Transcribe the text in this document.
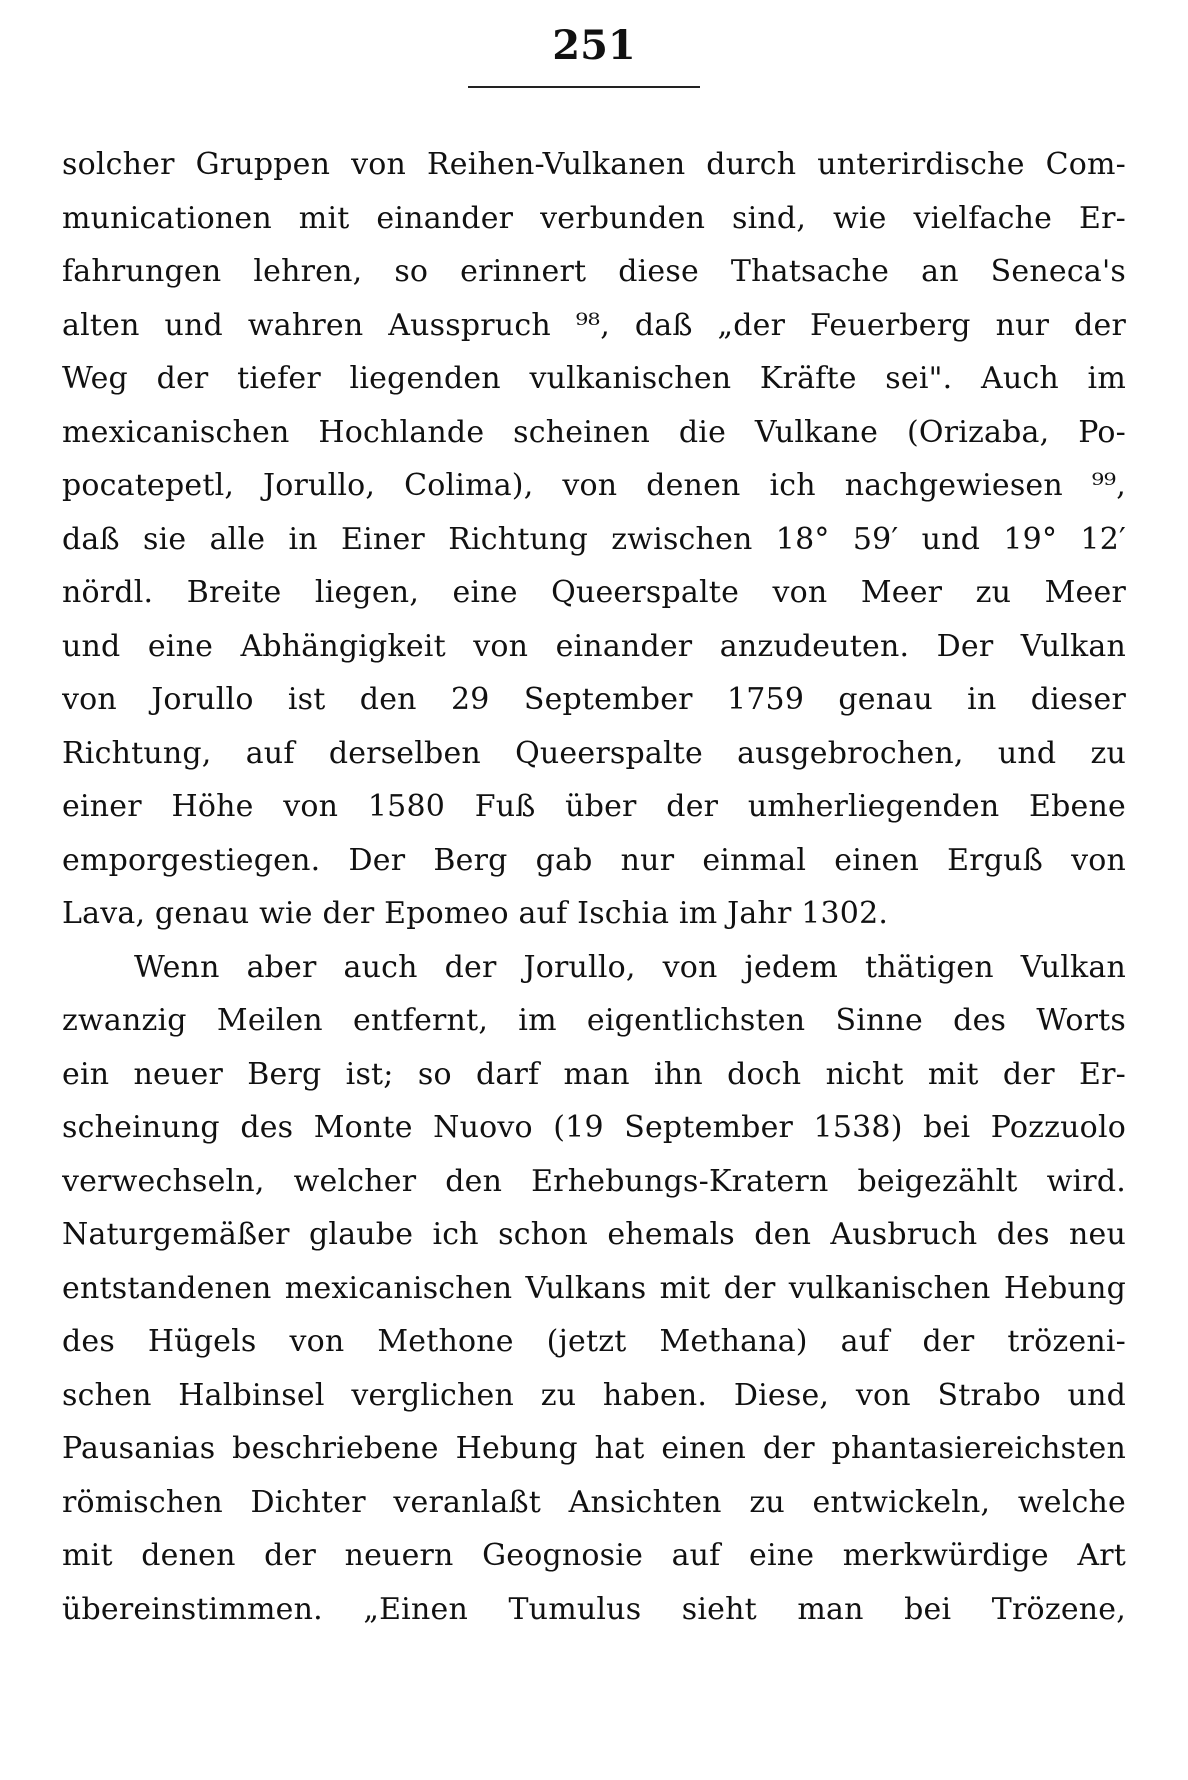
251
solcher Gruppen von Reihen-Vulkanen durch unterirdische Com-
municationen mit einander verbunden sind, wie vielfache Er-
fahrungen lehren, so erinnert diese Thatsache an Seneca's
alten und wahren Ausspruch ⁹⁸, daß „der Feuerberg nur der
Weg der tiefer liegenden vulkanischen Kräfte sei". Auch im
mexicanischen Hochlande scheinen die Vulkane (Orizaba, Po-
pocatepetl, Jorullo, Colima), von denen ich nachgewiesen ⁹⁹,
daß sie alle in Einer Richtung zwischen 18° 59′ und 19° 12′
nördl. Breite liegen, eine Queerspalte von Meer zu Meer
und eine Abhängigkeit von einander anzudeuten. Der Vulkan
von Jorullo ist den 29 September 1759 genau in dieser
Richtung, auf derselben Queerspalte ausgebrochen, und zu
einer Höhe von 1580 Fuß über der umherliegenden Ebene
emporgestiegen. Der Berg gab nur einmal einen Erguß von
Lava, genau wie der Epomeo auf Ischia im Jahr 1302.
Wenn aber auch der Jorullo, von jedem thätigen Vulkan
zwanzig Meilen entfernt, im eigentlichsten Sinne des Worts
ein neuer Berg ist; so darf man ihn doch nicht mit der Er-
scheinung des Monte Nuovo (19 September 1538) bei Pozzuolo
verwechseln, welcher den Erhebungs-Kratern beigezählt wird.
Naturgemäßer glaube ich schon ehemals den Ausbruch des neu
entstandenen mexicanischen Vulkans mit der vulkanischen Hebung
des Hügels von Methone (jetzt Methana) auf der trözeni-
schen Halbinsel verglichen zu haben. Diese, von Strabo und
Pausanias beschriebene Hebung hat einen der phantasiereichsten
römischen Dichter veranlaßt Ansichten zu entwickeln, welche
mit denen der neuern Geognosie auf eine merkwürdige Art
übereinstimmen. „Einen Tumulus sieht man bei Trözene,
